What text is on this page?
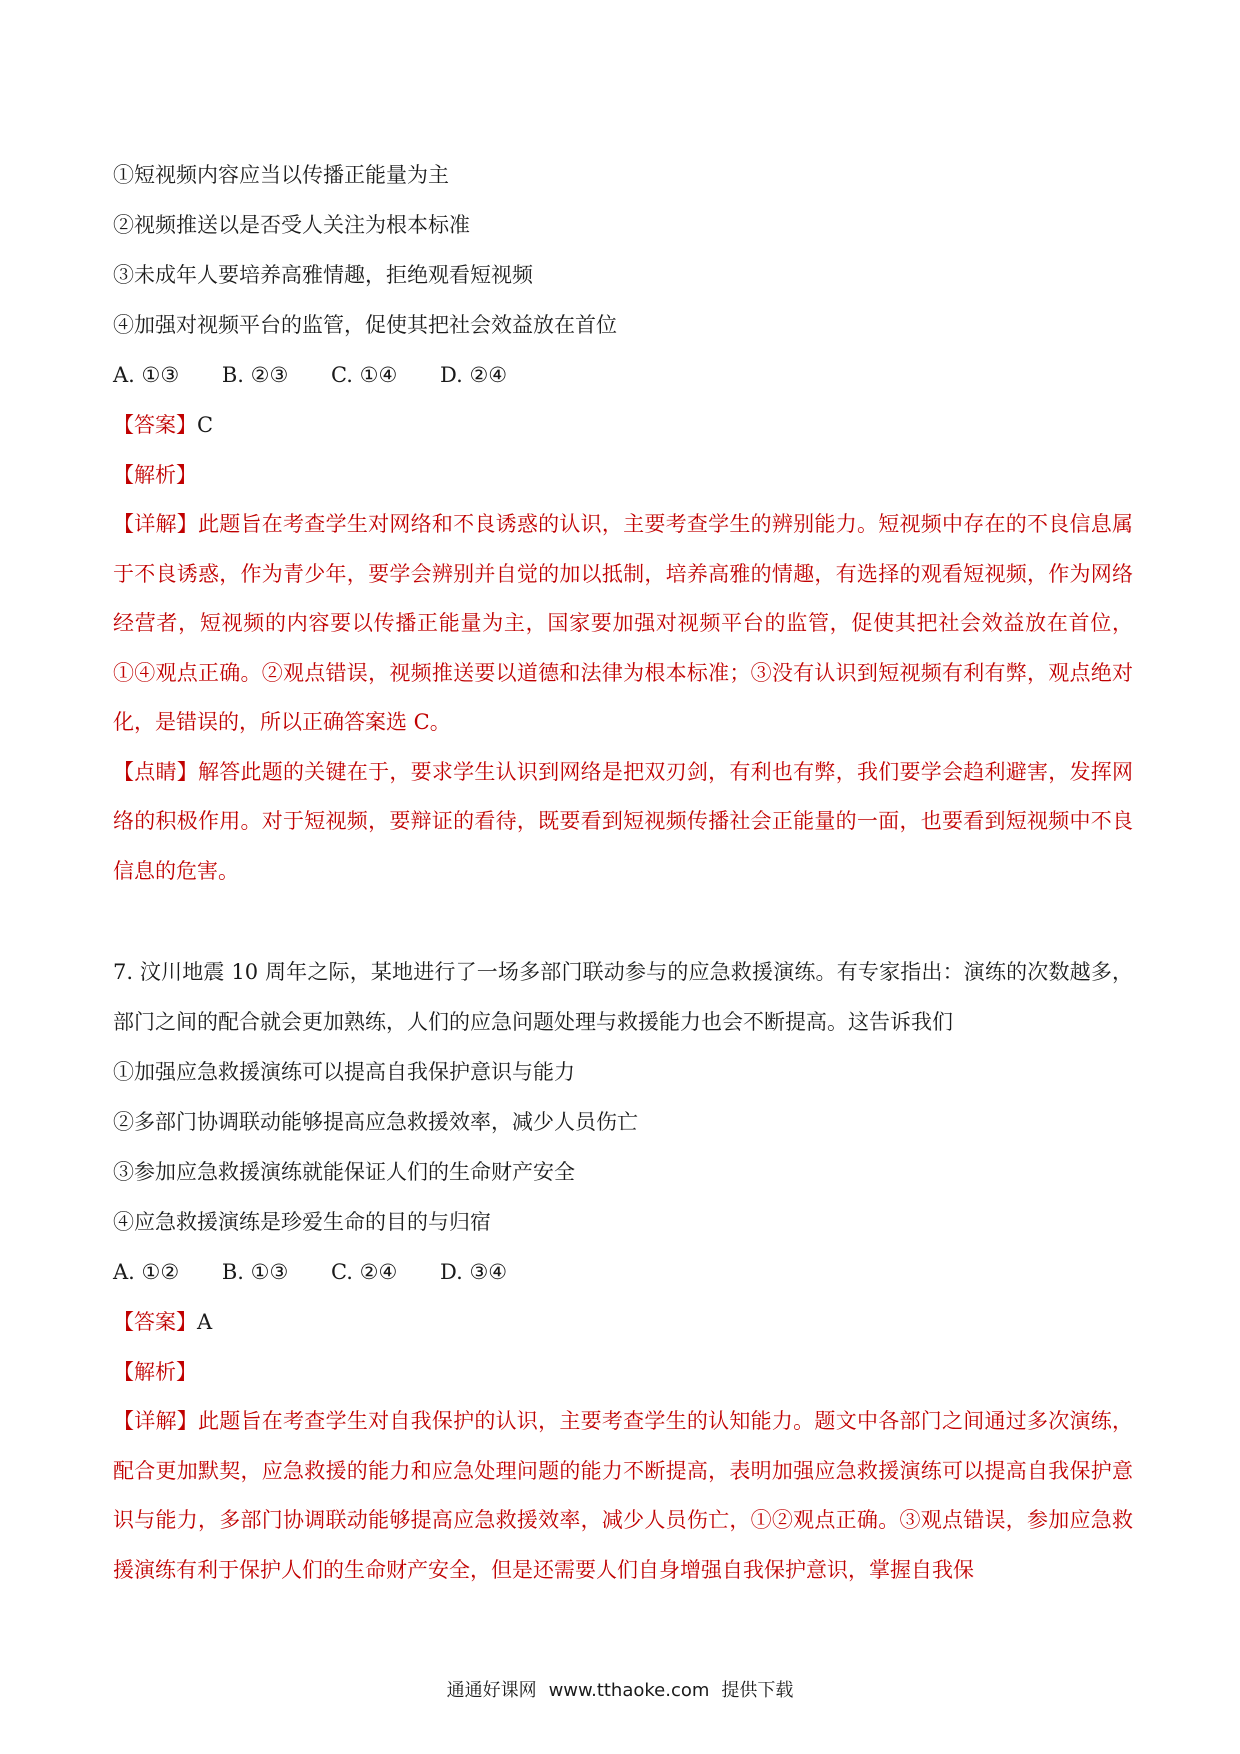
①短视频内容应当以传播正能量为主
②视频推送以是否受人关注为根本标准
③未成年人要培养高雅情趣，拒绝观看短视频
④加强对视频平台的监管，促使其把社会效益放在首位
A. ①③ B. ②③ C. ①④ D. ②④
【答案】C
【解析】
【详解】此题旨在考查学生对网络和不良诱惑的认识，主要考查学生的辨别能力。短视频中存在的不良信息属于不良诱惑，作为青少年，要学会辨别并自觉的加以抵制，培养高雅的情趣，有选择的观看短视频，作为网络经营者，短视频的内容要以传播正能量为主，国家要加强对视频平台的监管，促使其把社会效益放在首位，①④观点正确。②观点错误，视频推送要以道德和法律为根本标准；③没有认识到短视频有利有弊，观点绝对化，是错误的，所以正确答案选 C。
【点睛】解答此题的关键在于，要求学生认识到网络是把双刃剑，有利也有弊，我们要学会趋利避害，发挥网络的积极作用。对于短视频，要辩证的看待，既要看到短视频传播社会正能量的一面，也要看到短视频中不良信息的危害。
7. 汶川地震 10 周年之际，某地进行了一场多部门联动参与的应急救援演练。有专家指出：演练的次数越多，部门之间的配合就会更加熟练，人们的应急问题处理与救援能力也会不断提高。这告诉我们
①加强应急救援演练可以提高自我保护意识与能力
②多部门协调联动能够提高应急救援效率，减少人员伤亡
③参加应急救援演练就能保证人们的生命财产安全
④应急救援演练是珍爱生命的目的与归宿
A. ①② B. ①③ C. ②④ D. ③④
【答案】A
【解析】
【详解】此题旨在考查学生对自我保护的认识，主要考查学生的认知能力。题文中各部门之间通过多次演练，配合更加默契，应急救援的能力和应急处理问题的能力不断提高，表明加强应急救援演练可以提高自我保护意识与能力，多部门协调联动能够提高应急救援效率，减少人员伤亡，①②观点正确。③观点错误，参加应急救援演练有利于保护人们的生命财产安全，但是还需要人们自身增强自我保护意识，掌握自我保
通通好课网 www.tthaoke.com 提供下载
